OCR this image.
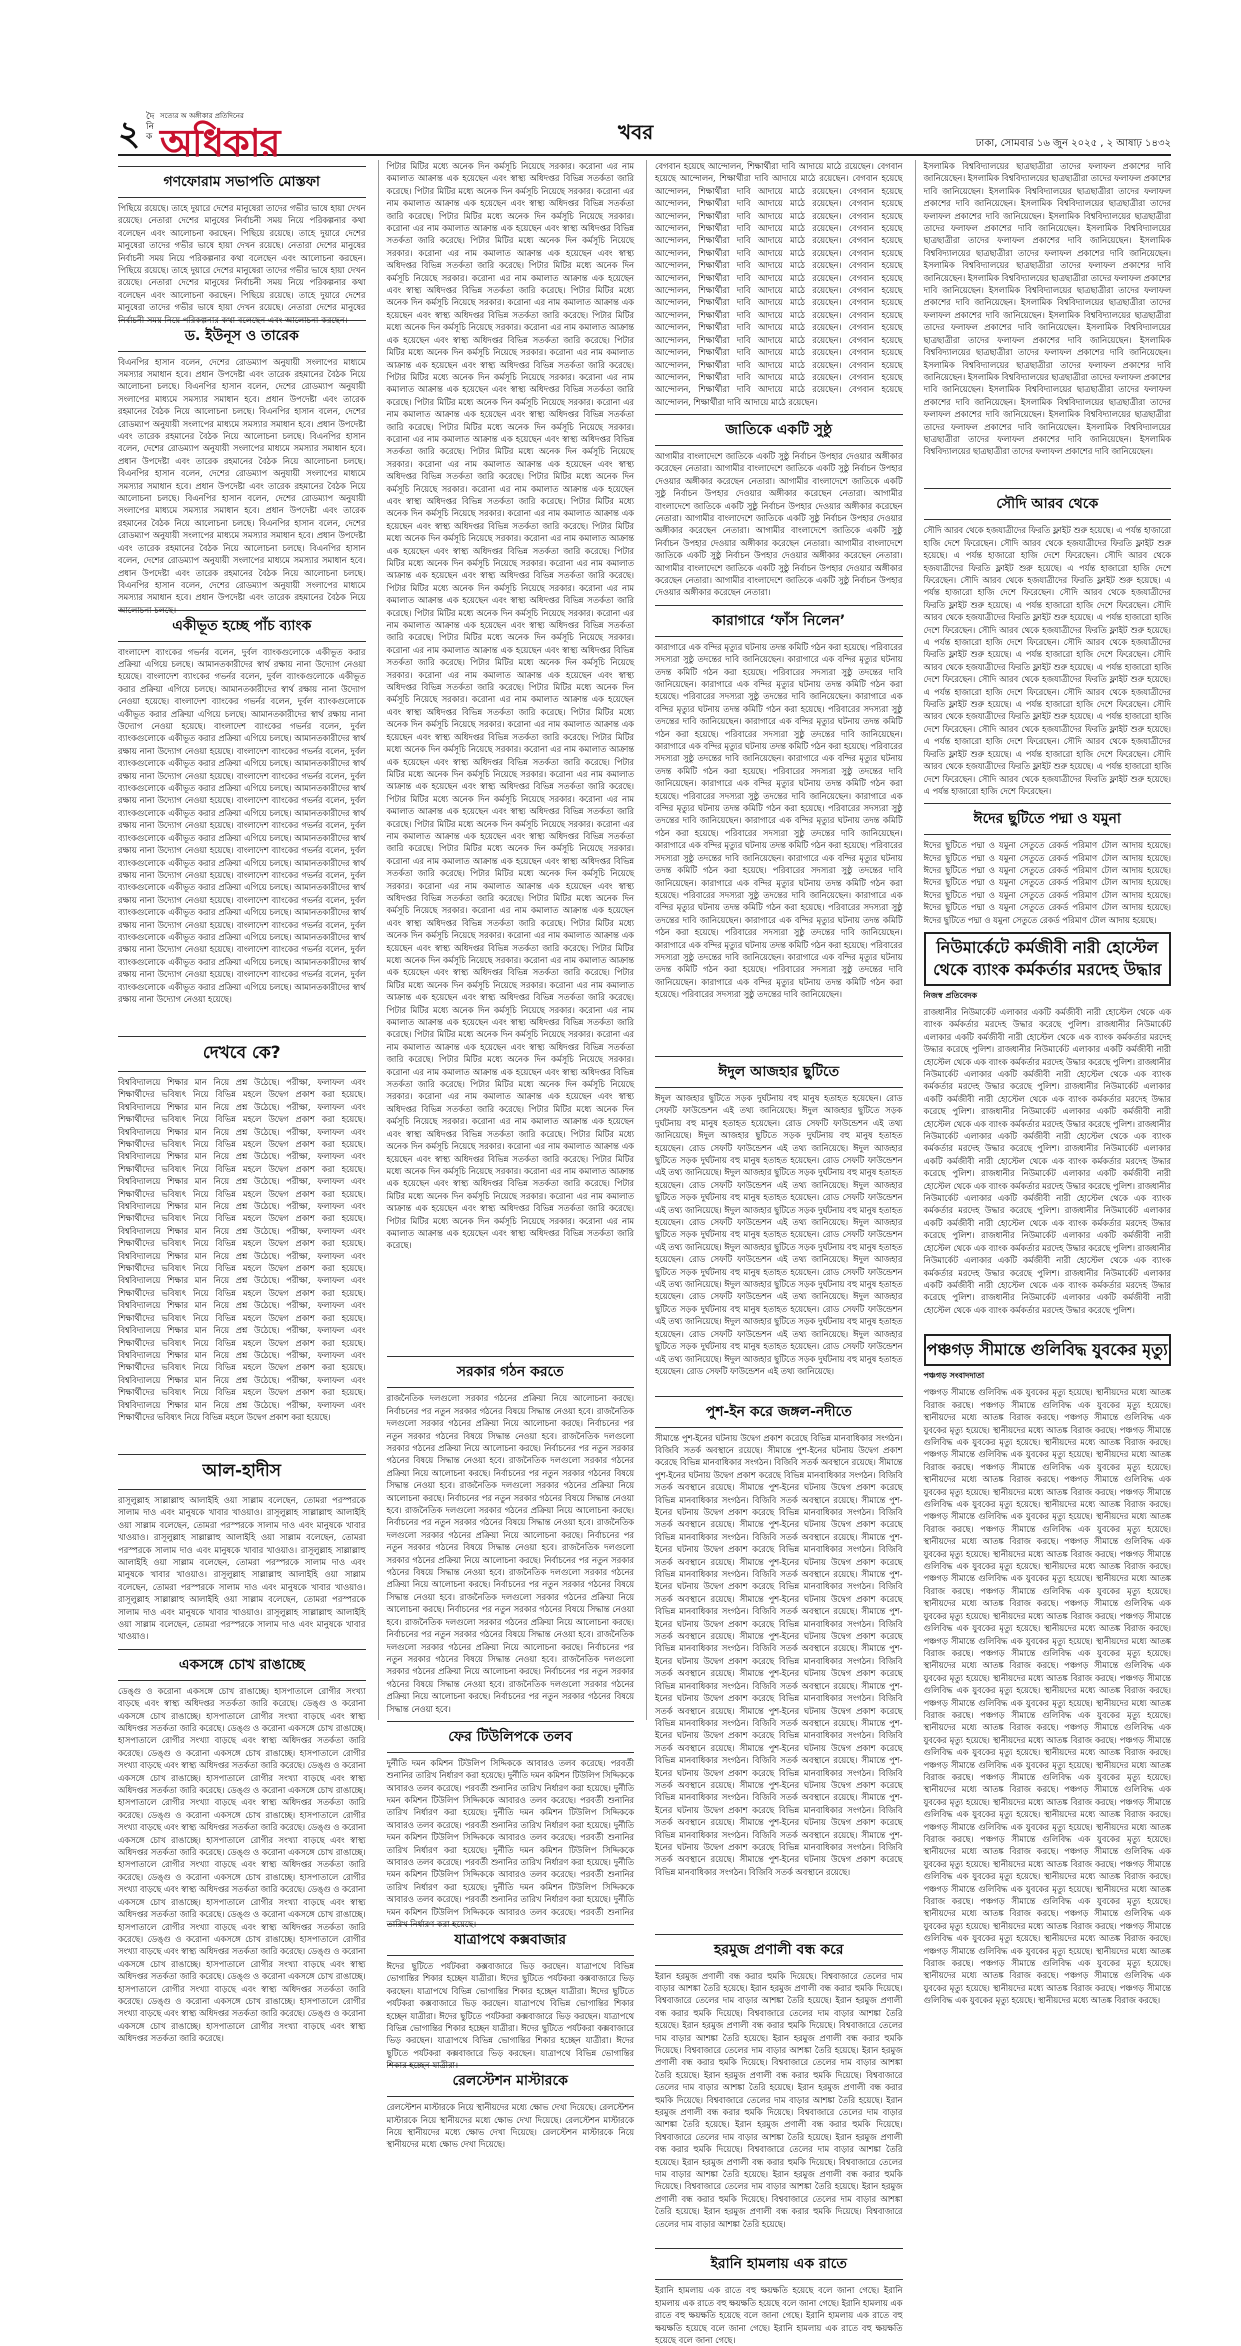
২ দৈ নি ক
সত্যের অ অঙ্গীকার প্রতিদিনের
অধিকার	খবর	ঢাকা, সোমবার ১৬ জুন ২০২৫ , ২ আষাঢ় ১৪৩২
গণফোরাম সভাপতি মোস্তফা

পিছিয়ে রয়েছে। তাহে দুয়ারে দেশের মানুষেরা তাদের গভীর ভাষে হায়া দেখন রয়েছে। নেতারা দেশের মানুষের নির্বাচনী সময় নিয়ে পরিকল্পনার কথা বলেছেন এবং আলোচনা করছেন। পিছিয়ে রয়েছে। তাহে দুয়ারে দেশের মানুষেরা তাদের গভীর ভাষে হায়া দেখন রয়েছে। নেতারা দেশের মানুষের নির্বাচনী সময় নিয়ে পরিকল্পনার কথা বলেছেন এবং আলোচনা করছেন। পিছিয়ে রয়েছে। তাহে দুয়ারে দেশের মানুষেরা তাদের গভীর ভাষে হায়া দেখন রয়েছে। নেতারা দেশের মানুষের নির্বাচনী সময় নিয়ে পরিকল্পনার কথা বলেছেন এবং আলোচনা করছেন। পিছিয়ে রয়েছে। তাহে দুয়ারে দেশের মানুষেরা তাদের গভীর ভাষে হায়া দেখন রয়েছে। নেতারা দেশের মানুষের নির্বাচনী সময় নিয়ে পরিকল্পনার কথা বলেছেন এবং আলোচনা করছেন।

ড. ইউনূস ও তারেক

বিএনপির হাসান বলেন, দেশের রোডম্যাপ অনুযায়ী সংলাপের মাধ্যমে সমস্যার সমাধান হবে। প্রধান উপদেষ্টা এবং তারেক রহমানের বৈঠক নিয়ে আলোচনা চলছে। বিএনপির হাসান বলেন, দেশের রোডম্যাপ অনুযায়ী সংলাপের মাধ্যমে সমস্যার সমাধান হবে। প্রধান উপদেষ্টা এবং তারেক রহমানের বৈঠক নিয়ে আলোচনা চলছে। বিএনপির হাসান বলেন, দেশের রোডম্যাপ অনুযায়ী সংলাপের মাধ্যমে সমস্যার সমাধান হবে। প্রধান উপদেষ্টা এবং তারেক রহমানের বৈঠক নিয়ে আলোচনা চলছে। বিএনপির হাসান বলেন, দেশের রোডম্যাপ অনুযায়ী সংলাপের মাধ্যমে সমস্যার সমাধান হবে। প্রধান উপদেষ্টা এবং তারেক রহমানের বৈঠক নিয়ে আলোচনা চলছে। বিএনপির হাসান বলেন, দেশের রোডম্যাপ অনুযায়ী সংলাপের মাধ্যমে সমস্যার সমাধান হবে। প্রধান উপদেষ্টা এবং তারেক রহমানের বৈঠক নিয়ে আলোচনা চলছে। বিএনপির হাসান বলেন, দেশের রোডম্যাপ অনুযায়ী সংলাপের মাধ্যমে সমস্যার সমাধান হবে। প্রধান উপদেষ্টা এবং তারেক রহমানের বৈঠক নিয়ে আলোচনা চলছে। বিএনপির হাসান বলেন, দেশের রোডম্যাপ অনুযায়ী সংলাপের মাধ্যমে সমস্যার সমাধান হবে। প্রধান উপদেষ্টা এবং তারেক রহমানের বৈঠক নিয়ে আলোচনা চলছে। বিএনপির হাসান বলেন, দেশের রোডম্যাপ অনুযায়ী সংলাপের মাধ্যমে সমস্যার সমাধান হবে। প্রধান উপদেষ্টা এবং তারেক রহমানের বৈঠক নিয়ে আলোচনা চলছে। বিএনপির হাসান বলেন, দেশের রোডম্যাপ অনুযায়ী সংলাপের মাধ্যমে সমস্যার সমাধান হবে। প্রধান উপদেষ্টা এবং তারেক রহমানের বৈঠক নিয়ে আলোচনা চলছে।

একীভূত হচ্ছে পাঁচ ব্যাংক

বাংলাদেশ ব্যাংকের গভর্নর বলেন, দুর্বল ব্যাংকগুলোকে একীভূত করার প্রক্রিয়া এগিয়ে চলছে। আমানতকারীদের স্বার্থ রক্ষায় নানা উদ্যোগ নেওয়া হয়েছে। বাংলাদেশ ব্যাংকের গভর্নর বলেন, দুর্বল ব্যাংকগুলোকে একীভূত করার প্রক্রিয়া এগিয়ে চলছে। আমানতকারীদের স্বার্থ রক্ষায় নানা উদ্যোগ নেওয়া হয়েছে। বাংলাদেশ ব্যাংকের গভর্নর বলেন, দুর্বল ব্যাংকগুলোকে একীভূত করার প্রক্রিয়া এগিয়ে চলছে। আমানতকারীদের স্বার্থ রক্ষায় নানা উদ্যোগ নেওয়া হয়েছে। বাংলাদেশ ব্যাংকের গভর্নর বলেন, দুর্বল ব্যাংকগুলোকে একীভূত করার প্রক্রিয়া এগিয়ে চলছে। আমানতকারীদের স্বার্থ রক্ষায় নানা উদ্যোগ নেওয়া হয়েছে। বাংলাদেশ ব্যাংকের গভর্নর বলেন, দুর্বল ব্যাংকগুলোকে একীভূত করার প্রক্রিয়া এগিয়ে চলছে। আমানতকারীদের স্বার্থ রক্ষায় নানা উদ্যোগ নেওয়া হয়েছে। বাংলাদেশ ব্যাংকের গভর্নর বলেন, দুর্বল ব্যাংকগুলোকে একীভূত করার প্রক্রিয়া এগিয়ে চলছে। আমানতকারীদের স্বার্থ রক্ষায় নানা উদ্যোগ নেওয়া হয়েছে। বাংলাদেশ ব্যাংকের গভর্নর বলেন, দুর্বল ব্যাংকগুলোকে একীভূত করার প্রক্রিয়া এগিয়ে চলছে। আমানতকারীদের স্বার্থ রক্ষায় নানা উদ্যোগ নেওয়া হয়েছে। বাংলাদেশ ব্যাংকের গভর্নর বলেন, দুর্বল ব্যাংকগুলোকে একীভূত করার প্রক্রিয়া এগিয়ে চলছে। আমানতকারীদের স্বার্থ রক্ষায় নানা উদ্যোগ নেওয়া হয়েছে। বাংলাদেশ ব্যাংকের গভর্নর বলেন, দুর্বল ব্যাংকগুলোকে একীভূত করার প্রক্রিয়া এগিয়ে চলছে। আমানতকারীদের স্বার্থ রক্ষায় নানা উদ্যোগ নেওয়া হয়েছে। বাংলাদেশ ব্যাংকের গভর্নর বলেন, দুর্বল ব্যাংকগুলোকে একীভূত করার প্রক্রিয়া এগিয়ে চলছে। আমানতকারীদের স্বার্থ রক্ষায় নানা উদ্যোগ নেওয়া হয়েছে। বাংলাদেশ ব্যাংকের গভর্নর বলেন, দুর্বল ব্যাংকগুলোকে একীভূত করার প্রক্রিয়া এগিয়ে চলছে। আমানতকারীদের স্বার্থ রক্ষায় নানা উদ্যোগ নেওয়া হয়েছে। বাংলাদেশ ব্যাংকের গভর্নর বলেন, দুর্বল ব্যাংকগুলোকে একীভূত করার প্রক্রিয়া এগিয়ে চলছে। আমানতকারীদের স্বার্থ রক্ষায় নানা উদ্যোগ নেওয়া হয়েছে। বাংলাদেশ ব্যাংকের গভর্নর বলেন, দুর্বল ব্যাংকগুলোকে একীভূত করার প্রক্রিয়া এগিয়ে চলছে। আমানতকারীদের স্বার্থ রক্ষায় নানা উদ্যোগ নেওয়া হয়েছে। বাংলাদেশ ব্যাংকের গভর্নর বলেন, দুর্বল ব্যাংকগুলোকে একীভূত করার প্রক্রিয়া এগিয়ে চলছে। আমানতকারীদের স্বার্থ রক্ষায় নানা উদ্যোগ নেওয়া হয়েছে।

দেখবে কে?

বিশ্ববিদ্যালয়ে শিক্ষার মান নিয়ে প্রশ্ন উঠেছে। পরীক্ষা, ফলাফল এবং শিক্ষার্থীদের ভবিষ্যৎ নিয়ে বিভিন্ন মহলে উদ্বেগ প্রকাশ করা হয়েছে। বিশ্ববিদ্যালয়ে শিক্ষার মান নিয়ে প্রশ্ন উঠেছে। পরীক্ষা, ফলাফল এবং শিক্ষার্থীদের ভবিষ্যৎ নিয়ে বিভিন্ন মহলে উদ্বেগ প্রকাশ করা হয়েছে। বিশ্ববিদ্যালয়ে শিক্ষার মান নিয়ে প্রশ্ন উঠেছে। পরীক্ষা, ফলাফল এবং শিক্ষার্থীদের ভবিষ্যৎ নিয়ে বিভিন্ন মহলে উদ্বেগ প্রকাশ করা হয়েছে। বিশ্ববিদ্যালয়ে শিক্ষার মান নিয়ে প্রশ্ন উঠেছে। পরীক্ষা, ফলাফল এবং শিক্ষার্থীদের ভবিষ্যৎ নিয়ে বিভিন্ন মহলে উদ্বেগ প্রকাশ করা হয়েছে। বিশ্ববিদ্যালয়ে শিক্ষার মান নিয়ে প্রশ্ন উঠেছে। পরীক্ষা, ফলাফল এবং শিক্ষার্থীদের ভবিষ্যৎ নিয়ে বিভিন্ন মহলে উদ্বেগ প্রকাশ করা হয়েছে। বিশ্ববিদ্যালয়ে শিক্ষার মান নিয়ে প্রশ্ন উঠেছে। পরীক্ষা, ফলাফল এবং শিক্ষার্থীদের ভবিষ্যৎ নিয়ে বিভিন্ন মহলে উদ্বেগ প্রকাশ করা হয়েছে। বিশ্ববিদ্যালয়ে শিক্ষার মান নিয়ে প্রশ্ন উঠেছে। পরীক্ষা, ফলাফল এবং শিক্ষার্থীদের ভবিষ্যৎ নিয়ে বিভিন্ন মহলে উদ্বেগ প্রকাশ করা হয়েছে। বিশ্ববিদ্যালয়ে শিক্ষার মান নিয়ে প্রশ্ন উঠেছে। পরীক্ষা, ফলাফল এবং শিক্ষার্থীদের ভবিষ্যৎ নিয়ে বিভিন্ন মহলে উদ্বেগ প্রকাশ করা হয়েছে। বিশ্ববিদ্যালয়ে শিক্ষার মান নিয়ে প্রশ্ন উঠেছে। পরীক্ষা, ফলাফল এবং শিক্ষার্থীদের ভবিষ্যৎ নিয়ে বিভিন্ন মহলে উদ্বেগ প্রকাশ করা হয়েছে। বিশ্ববিদ্যালয়ে শিক্ষার মান নিয়ে প্রশ্ন উঠেছে। পরীক্ষা, ফলাফল এবং শিক্ষার্থীদের ভবিষ্যৎ নিয়ে বিভিন্ন মহলে উদ্বেগ প্রকাশ করা হয়েছে। বিশ্ববিদ্যালয়ে শিক্ষার মান নিয়ে প্রশ্ন উঠেছে। পরীক্ষা, ফলাফল এবং শিক্ষার্থীদের ভবিষ্যৎ নিয়ে বিভিন্ন মহলে উদ্বেগ প্রকাশ করা হয়েছে। বিশ্ববিদ্যালয়ে শিক্ষার মান নিয়ে প্রশ্ন উঠেছে। পরীক্ষা, ফলাফল এবং শিক্ষার্থীদের ভবিষ্যৎ নিয়ে বিভিন্ন মহলে উদ্বেগ প্রকাশ করা হয়েছে। বিশ্ববিদ্যালয়ে শিক্ষার মান নিয়ে প্রশ্ন উঠেছে। পরীক্ষা, ফলাফল এবং শিক্ষার্থীদের ভবিষ্যৎ নিয়ে বিভিন্ন মহলে উদ্বেগ প্রকাশ করা হয়েছে। বিশ্ববিদ্যালয়ে শিক্ষার মান নিয়ে প্রশ্ন উঠেছে। পরীক্ষা, ফলাফল এবং শিক্ষার্থীদের ভবিষ্যৎ নিয়ে বিভিন্ন মহলে উদ্বেগ প্রকাশ করা হয়েছে।

আল-হাদীস

রাসূলুল্লাহ সাল্লাল্লাহু আলাইহি ওয়া সাল্লাম বলেছেন, তোমরা পরস্পরকে সালাম দাও এবং মানুষকে খাবার খাওয়াও। রাসূলুল্লাহ সাল্লাল্লাহু আলাইহি ওয়া সাল্লাম বলেছেন, তোমরা পরস্পরকে সালাম দাও এবং মানুষকে খাবার খাওয়াও। রাসূলুল্লাহ সাল্লাল্লাহু আলাইহি ওয়া সাল্লাম বলেছেন, তোমরা পরস্পরকে সালাম দাও এবং মানুষকে খাবার খাওয়াও। রাসূলুল্লাহ সাল্লাল্লাহু আলাইহি ওয়া সাল্লাম বলেছেন, তোমরা পরস্পরকে সালাম দাও এবং মানুষকে খাবার খাওয়াও। রাসূলুল্লাহ সাল্লাল্লাহু আলাইহি ওয়া সাল্লাম বলেছেন, তোমরা পরস্পরকে সালাম দাও এবং মানুষকে খাবার খাওয়াও। রাসূলুল্লাহ সাল্লাল্লাহু আলাইহি ওয়া সাল্লাম বলেছেন, তোমরা পরস্পরকে সালাম দাও এবং মানুষকে খাবার খাওয়াও। রাসূলুল্লাহ সাল্লাল্লাহু আলাইহি ওয়া সাল্লাম বলেছেন, তোমরা পরস্পরকে সালাম দাও এবং মানুষকে খাবার খাওয়াও।

একসঙ্গে চোখ রাঙাচ্ছে

ডেঙ্গু ও করোনা একসঙ্গে চোখ রাঙাচ্ছে। হাসপাতালে রোগীর সংখ্যা বাড়ছে এবং স্বাস্থ্য অধিদপ্তর সতর্কতা জারি করেছে। ডেঙ্গু ও করোনা একসঙ্গে চোখ রাঙাচ্ছে। হাসপাতালে রোগীর সংখ্যা বাড়ছে এবং স্বাস্থ্য অধিদপ্তর সতর্কতা জারি করেছে। ডেঙ্গু ও করোনা একসঙ্গে চোখ রাঙাচ্ছে। হাসপাতালে রোগীর সংখ্যা বাড়ছে এবং স্বাস্থ্য অধিদপ্তর সতর্কতা জারি করেছে। ডেঙ্গু ও করোনা একসঙ্গে চোখ রাঙাচ্ছে। হাসপাতালে রোগীর সংখ্যা বাড়ছে এবং স্বাস্থ্য অধিদপ্তর সতর্কতা জারি করেছে। ডেঙ্গু ও করোনা একসঙ্গে চোখ রাঙাচ্ছে। হাসপাতালে রোগীর সংখ্যা বাড়ছে এবং স্বাস্থ্য অধিদপ্তর সতর্কতা জারি করেছে। ডেঙ্গু ও করোনা একসঙ্গে চোখ রাঙাচ্ছে। হাসপাতালে রোগীর সংখ্যা বাড়ছে এবং স্বাস্থ্য অধিদপ্তর সতর্কতা জারি করেছে। ডেঙ্গু ও করোনা একসঙ্গে চোখ রাঙাচ্ছে। হাসপাতালে রোগীর সংখ্যা বাড়ছে এবং স্বাস্থ্য অধিদপ্তর সতর্কতা জারি করেছে। ডেঙ্গু ও করোনা একসঙ্গে চোখ রাঙাচ্ছে। হাসপাতালে রোগীর সংখ্যা বাড়ছে এবং স্বাস্থ্য অধিদপ্তর সতর্কতা জারি করেছে। ডেঙ্গু ও করোনা একসঙ্গে চোখ রাঙাচ্ছে। হাসপাতালে রোগীর সংখ্যা বাড়ছে এবং স্বাস্থ্য অধিদপ্তর সতর্কতা জারি করেছে। ডেঙ্গু ও করোনা একসঙ্গে চোখ রাঙাচ্ছে। হাসপাতালে রোগীর সংখ্যা বাড়ছে এবং স্বাস্থ্য অধিদপ্তর সতর্কতা জারি করেছে। ডেঙ্গু ও করোনা একসঙ্গে চোখ রাঙাচ্ছে। হাসপাতালে রোগীর সংখ্যা বাড়ছে এবং স্বাস্থ্য অধিদপ্তর সতর্কতা জারি করেছে। ডেঙ্গু ও করোনা একসঙ্গে চোখ রাঙাচ্ছে। হাসপাতালে রোগীর সংখ্যা বাড়ছে এবং স্বাস্থ্য অধিদপ্তর সতর্কতা জারি করেছে। ডেঙ্গু ও করোনা একসঙ্গে চোখ রাঙাচ্ছে। হাসপাতালে রোগীর সংখ্যা বাড়ছে এবং স্বাস্থ্য অধিদপ্তর সতর্কতা জারি করেছে। ডেঙ্গু ও করোনা একসঙ্গে চোখ রাঙাচ্ছে। হাসপাতালে রোগীর সংখ্যা বাড়ছে এবং স্বাস্থ্য অধিদপ্তর সতর্কতা জারি করেছে। ডেঙ্গু ও করোনা একসঙ্গে চোখ রাঙাচ্ছে। হাসপাতালে রোগীর সংখ্যা বাড়ছে এবং স্বাস্থ্য অধিদপ্তর সতর্কতা জারি করেছে। ডেঙ্গু ও করোনা একসঙ্গে চোখ রাঙাচ্ছে। হাসপাতালে রোগীর সংখ্যা বাড়ছে এবং স্বাস্থ্য অধিদপ্তর সতর্কতা জারি করেছে। ডেঙ্গু ও করোনা একসঙ্গে চোখ রাঙাচ্ছে। হাসপাতালে রোগীর সংখ্যা বাড়ছে এবং স্বাস্থ্য অধিদপ্তর সতর্কতা জারি করেছে।

পিটার মিটির মধ্যে অনেক দিন কর্মসূচি নিয়েছে সরকার। করোনা এর নাম কমালাত আক্রান্ত এক হয়েছেন এবং স্বাস্থ্য অধিদপ্তর বিভিন্ন সতর্কতা জারি করেছে। পিটার মিটির মধ্যে অনেক দিন কর্মসূচি নিয়েছে সরকার। করোনা এর নাম কমালাত আক্রান্ত এক হয়েছেন এবং স্বাস্থ্য অধিদপ্তর বিভিন্ন সতর্কতা জারি করেছে। পিটার মিটির মধ্যে অনেক দিন কর্মসূচি নিয়েছে সরকার। করোনা এর নাম কমালাত আক্রান্ত এক হয়েছেন এবং স্বাস্থ্য অধিদপ্তর বিভিন্ন সতর্কতা জারি করেছে। পিটার মিটির মধ্যে অনেক দিন কর্মসূচি নিয়েছে সরকার। করোনা এর নাম কমালাত আক্রান্ত এক হয়েছেন এবং স্বাস্থ্য অধিদপ্তর বিভিন্ন সতর্কতা জারি করেছে। পিটার মিটির মধ্যে অনেক দিন কর্মসূচি নিয়েছে সরকার। করোনা এর নাম কমালাত আক্রান্ত এক হয়েছেন এবং স্বাস্থ্য অধিদপ্তর বিভিন্ন সতর্কতা জারি করেছে। পিটার মিটির মধ্যে অনেক দিন কর্মসূচি নিয়েছে সরকার। করোনা এর নাম কমালাত আক্রান্ত এক হয়েছেন এবং স্বাস্থ্য অধিদপ্তর বিভিন্ন সতর্কতা জারি করেছে। পিটার মিটির মধ্যে অনেক দিন কর্মসূচি নিয়েছে সরকার। করোনা এর নাম কমালাত আক্রান্ত এক হয়েছেন এবং স্বাস্থ্য অধিদপ্তর বিভিন্ন সতর্কতা জারি করেছে। পিটার মিটির মধ্যে অনেক দিন কর্মসূচি নিয়েছে সরকার। করোনা এর নাম কমালাত আক্রান্ত এক হয়েছেন এবং স্বাস্থ্য অধিদপ্তর বিভিন্ন সতর্কতা জারি করেছে। পিটার মিটির মধ্যে অনেক দিন কর্মসূচি নিয়েছে সরকার। করোনা এর নাম কমালাত আক্রান্ত এক হয়েছেন এবং স্বাস্থ্য অধিদপ্তর বিভিন্ন সতর্কতা জারি করেছে। পিটার মিটির মধ্যে অনেক দিন কর্মসূচি নিয়েছে সরকার। করোনা এর নাম কমালাত আক্রান্ত এক হয়েছেন এবং স্বাস্থ্য অধিদপ্তর বিভিন্ন সতর্কতা জারি করেছে। পিটার মিটির মধ্যে অনেক দিন কর্মসূচি নিয়েছে সরকার। করোনা এর নাম কমালাত আক্রান্ত এক হয়েছেন এবং স্বাস্থ্য অধিদপ্তর বিভিন্ন সতর্কতা জারি করেছে। পিটার মিটির মধ্যে অনেক দিন কর্মসূচি নিয়েছে সরকার। করোনা এর নাম কমালাত আক্রান্ত এক হয়েছেন এবং স্বাস্থ্য অধিদপ্তর বিভিন্ন সতর্কতা জারি করেছে। পিটার মিটির মধ্যে অনেক দিন কর্মসূচি নিয়েছে সরকার। করোনা এর নাম কমালাত আক্রান্ত এক হয়েছেন এবং স্বাস্থ্য অধিদপ্তর বিভিন্ন সতর্কতা জারি করেছে। পিটার মিটির মধ্যে অনেক দিন কর্মসূচি নিয়েছে সরকার। করোনা এর নাম কমালাত আক্রান্ত এক হয়েছেন এবং স্বাস্থ্য অধিদপ্তর বিভিন্ন সতর্কতা জারি করেছে। পিটার মিটির মধ্যে অনেক দিন কর্মসূচি নিয়েছে সরকার। করোনা এর নাম কমালাত আক্রান্ত এক হয়েছেন এবং স্বাস্থ্য অধিদপ্তর বিভিন্ন সতর্কতা জারি করেছে। পিটার মিটির মধ্যে অনেক দিন কর্মসূচি নিয়েছে সরকার। করোনা এর নাম কমালাত আক্রান্ত এক হয়েছেন এবং স্বাস্থ্য অধিদপ্তর বিভিন্ন সতর্কতা জারি করেছে। পিটার মিটির মধ্যে অনেক দিন কর্মসূচি নিয়েছে সরকার। করোনা এর নাম কমালাত আক্রান্ত এক হয়েছেন এবং স্বাস্থ্য অধিদপ্তর বিভিন্ন সতর্কতা জারি করেছে। পিটার মিটির মধ্যে অনেক দিন কর্মসূচি নিয়েছে সরকার। করোনা এর নাম কমালাত আক্রান্ত এক হয়েছেন এবং স্বাস্থ্য অধিদপ্তর বিভিন্ন সতর্কতা জারি করেছে। পিটার মিটির মধ্যে অনেক দিন কর্মসূচি নিয়েছে সরকার। করোনা এর নাম কমালাত আক্রান্ত এক হয়েছেন এবং স্বাস্থ্য অধিদপ্তর বিভিন্ন সতর্কতা জারি করেছে। পিটার মিটির মধ্যে অনেক দিন কর্মসূচি নিয়েছে সরকার। করোনা এর নাম কমালাত আক্রান্ত এক হয়েছেন এবং স্বাস্থ্য অধিদপ্তর বিভিন্ন সতর্কতা জারি করেছে। পিটার মিটির মধ্যে অনেক দিন কর্মসূচি নিয়েছে সরকার। করোনা এর নাম কমালাত আক্রান্ত এক হয়েছেন এবং স্বাস্থ্য অধিদপ্তর বিভিন্ন সতর্কতা জারি করেছে। পিটার মিটির মধ্যে অনেক দিন কর্মসূচি নিয়েছে সরকার। করোনা এর নাম কমালাত আক্রান্ত এক হয়েছেন এবং স্বাস্থ্য অধিদপ্তর বিভিন্ন সতর্কতা জারি করেছে। পিটার মিটির মধ্যে অনেক দিন কর্মসূচি নিয়েছে সরকার। করোনা এর নাম কমালাত আক্রান্ত এক হয়েছেন এবং স্বাস্থ্য অধিদপ্তর বিভিন্ন সতর্কতা জারি করেছে। পিটার মিটির মধ্যে অনেক দিন কর্মসূচি নিয়েছে সরকার। করোনা এর নাম কমালাত আক্রান্ত এক হয়েছেন এবং স্বাস্থ্য অধিদপ্তর বিভিন্ন সতর্কতা জারি করেছে। পিটার মিটির মধ্যে অনেক দিন কর্মসূচি নিয়েছে সরকার। করোনা এর নাম কমালাত আক্রান্ত এক হয়েছেন এবং স্বাস্থ্য অধিদপ্তর বিভিন্ন সতর্কতা জারি করেছে। পিটার মিটির মধ্যে অনেক দিন কর্মসূচি নিয়েছে সরকার। করোনা এর নাম কমালাত আক্রান্ত এক হয়েছেন এবং স্বাস্থ্য অধিদপ্তর বিভিন্ন সতর্কতা জারি করেছে। পিটার মিটির মধ্যে অনেক দিন কর্মসূচি নিয়েছে সরকার। করোনা এর নাম কমালাত আক্রান্ত এক হয়েছেন এবং স্বাস্থ্য অধিদপ্তর বিভিন্ন সতর্কতা জারি করেছে। পিটার মিটির মধ্যে অনেক দিন কর্মসূচি নিয়েছে সরকার। করোনা এর নাম কমালাত আক্রান্ত এক হয়েছেন এবং স্বাস্থ্য অধিদপ্তর বিভিন্ন সতর্কতা জারি করেছে। পিটার মিটির মধ্যে অনেক দিন কর্মসূচি নিয়েছে সরকার। করোনা এর নাম কমালাত আক্রান্ত এক হয়েছেন এবং স্বাস্থ্য অধিদপ্তর বিভিন্ন সতর্কতা জারি করেছে। পিটার মিটির মধ্যে অনেক দিন কর্মসূচি নিয়েছে সরকার। করোনা এর নাম কমালাত আক্রান্ত এক হয়েছেন এবং স্বাস্থ্য অধিদপ্তর বিভিন্ন সতর্কতা জারি করেছে। পিটার মিটির মধ্যে অনেক দিন কর্মসূচি নিয়েছে সরকার। করোনা এর নাম কমালাত আক্রান্ত এক হয়েছেন এবং স্বাস্থ্য অধিদপ্তর বিভিন্ন সতর্কতা জারি করেছে। পিটার মিটির মধ্যে অনেক দিন কর্মসূচি নিয়েছে সরকার। করোনা এর নাম কমালাত আক্রান্ত এক হয়েছেন এবং স্বাস্থ্য অধিদপ্তর বিভিন্ন সতর্কতা জারি করেছে। পিটার মিটির মধ্যে অনেক দিন কর্মসূচি নিয়েছে সরকার। করোনা এর নাম কমালাত আক্রান্ত এক হয়েছেন এবং স্বাস্থ্য অধিদপ্তর বিভিন্ন সতর্কতা জারি করেছে। পিটার মিটির মধ্যে অনেক দিন কর্মসূচি নিয়েছে সরকার। করোনা এর নাম কমালাত আক্রান্ত এক হয়েছেন এবং স্বাস্থ্য অধিদপ্তর বিভিন্ন সতর্কতা জারি করেছে। পিটার মিটির মধ্যে অনেক দিন কর্মসূচি নিয়েছে সরকার। করোনা এর নাম কমালাত আক্রান্ত এক হয়েছেন এবং স্বাস্থ্য অধিদপ্তর বিভিন্ন সতর্কতা জারি করেছে। পিটার মিটির মধ্যে অনেক দিন কর্মসূচি নিয়েছে সরকার। করোনা এর নাম কমালাত আক্রান্ত এক হয়েছেন এবং স্বাস্থ্য অধিদপ্তর বিভিন্ন সতর্কতা জারি করেছে। পিটার মিটির মধ্যে অনেক দিন কর্মসূচি নিয়েছে সরকার। করোনা এর নাম কমালাত আক্রান্ত এক হয়েছেন এবং স্বাস্থ্য অধিদপ্তর বিভিন্ন সতর্কতা জারি করেছে। পিটার মিটির মধ্যে অনেক দিন কর্মসূচি নিয়েছে সরকার। করোনা এর নাম কমালাত আক্রান্ত এক হয়েছেন এবং স্বাস্থ্য অধিদপ্তর বিভিন্ন সতর্কতা জারি করেছে। পিটার মিটির মধ্যে অনেক দিন কর্মসূচি নিয়েছে সরকার। করোনা এর নাম কমালাত আক্রান্ত এক হয়েছেন এবং স্বাস্থ্য অধিদপ্তর বিভিন্ন সতর্কতা জারি করেছে। পিটার মিটির মধ্যে অনেক দিন কর্মসূচি নিয়েছে সরকার। করোনা এর নাম কমালাত আক্রান্ত এক হয়েছেন এবং স্বাস্থ্য অধিদপ্তর বিভিন্ন সতর্কতা জারি করেছে। পিটার মিটির মধ্যে অনেক দিন কর্মসূচি নিয়েছে সরকার। করোনা এর নাম কমালাত আক্রান্ত এক হয়েছেন এবং স্বাস্থ্য অধিদপ্তর বিভিন্ন সতর্কতা জারি করেছে।

সরকার গঠন করতে

রাজনৈতিক দলগুলো সরকার গঠনের প্রক্রিয়া নিয়ে আলোচনা করছে। নির্বাচনের পর নতুন সরকার গঠনের বিষয়ে সিদ্ধান্ত নেওয়া হবে। রাজনৈতিক দলগুলো সরকার গঠনের প্রক্রিয়া নিয়ে আলোচনা করছে। নির্বাচনের পর নতুন সরকার গঠনের বিষয়ে সিদ্ধান্ত নেওয়া হবে। রাজনৈতিক দলগুলো সরকার গঠনের প্রক্রিয়া নিয়ে আলোচনা করছে। নির্বাচনের পর নতুন সরকার গঠনের বিষয়ে সিদ্ধান্ত নেওয়া হবে। রাজনৈতিক দলগুলো সরকার গঠনের প্রক্রিয়া নিয়ে আলোচনা করছে। নির্বাচনের পর নতুন সরকার গঠনের বিষয়ে সিদ্ধান্ত নেওয়া হবে। রাজনৈতিক দলগুলো সরকার গঠনের প্রক্রিয়া নিয়ে আলোচনা করছে। নির্বাচনের পর নতুন সরকার গঠনের বিষয়ে সিদ্ধান্ত নেওয়া হবে। রাজনৈতিক দলগুলো সরকার গঠনের প্রক্রিয়া নিয়ে আলোচনা করছে। নির্বাচনের পর নতুন সরকার গঠনের বিষয়ে সিদ্ধান্ত নেওয়া হবে। রাজনৈতিক দলগুলো সরকার গঠনের প্রক্রিয়া নিয়ে আলোচনা করছে। নির্বাচনের পর নতুন সরকার গঠনের বিষয়ে সিদ্ধান্ত নেওয়া হবে। রাজনৈতিক দলগুলো সরকার গঠনের প্রক্রিয়া নিয়ে আলোচনা করছে। নির্বাচনের পর নতুন সরকার গঠনের বিষয়ে সিদ্ধান্ত নেওয়া হবে। রাজনৈতিক দলগুলো সরকার গঠনের প্রক্রিয়া নিয়ে আলোচনা করছে। নির্বাচনের পর নতুন সরকার গঠনের বিষয়ে সিদ্ধান্ত নেওয়া হবে। রাজনৈতিক দলগুলো সরকার গঠনের প্রক্রিয়া নিয়ে আলোচনা করছে। নির্বাচনের পর নতুন সরকার গঠনের বিষয়ে সিদ্ধান্ত নেওয়া হবে। রাজনৈতিক দলগুলো সরকার গঠনের প্রক্রিয়া নিয়ে আলোচনা করছে। নির্বাচনের পর নতুন সরকার গঠনের বিষয়ে সিদ্ধান্ত নেওয়া হবে। রাজনৈতিক দলগুলো সরকার গঠনের প্রক্রিয়া নিয়ে আলোচনা করছে। নির্বাচনের পর নতুন সরকার গঠনের বিষয়ে সিদ্ধান্ত নেওয়া হবে। রাজনৈতিক দলগুলো সরকার গঠনের প্রক্রিয়া নিয়ে আলোচনা করছে। নির্বাচনের পর নতুন সরকার গঠনের বিষয়ে সিদ্ধান্ত নেওয়া হবে। রাজনৈতিক দলগুলো সরকার গঠনের প্রক্রিয়া নিয়ে আলোচনা করছে। নির্বাচনের পর নতুন সরকার গঠনের বিষয়ে সিদ্ধান্ত নেওয়া হবে।

ফের টিউলিপকে তলব

দুর্নীতি দমন কমিশন টিউলিপ সিদ্দিককে আবারও তলব করেছে। পরবর্তী শুনানির তারিখ নির্ধারণ করা হয়েছে। দুর্নীতি দমন কমিশন টিউলিপ সিদ্দিককে আবারও তলব করেছে। পরবর্তী শুনানির তারিখ নির্ধারণ করা হয়েছে। দুর্নীতি দমন কমিশন টিউলিপ সিদ্দিককে আবারও তলব করেছে। পরবর্তী শুনানির তারিখ নির্ধারণ করা হয়েছে। দুর্নীতি দমন কমিশন টিউলিপ সিদ্দিককে আবারও তলব করেছে। পরবর্তী শুনানির তারিখ নির্ধারণ করা হয়েছে। দুর্নীতি দমন কমিশন টিউলিপ সিদ্দিককে আবারও তলব করেছে। পরবর্তী শুনানির তারিখ নির্ধারণ করা হয়েছে। দুর্নীতি দমন কমিশন টিউলিপ সিদ্দিককে আবারও তলব করেছে। পরবর্তী শুনানির তারিখ নির্ধারণ করা হয়েছে। দুর্নীতি দমন কমিশন টিউলিপ সিদ্দিককে আবারও তলব করেছে। পরবর্তী শুনানির তারিখ নির্ধারণ করা হয়েছে। দুর্নীতি দমন কমিশন টিউলিপ সিদ্দিককে আবারও তলব করেছে। পরবর্তী শুনানির তারিখ নির্ধারণ করা হয়েছে। দুর্নীতি দমন কমিশন টিউলিপ সিদ্দিককে আবারও তলব করেছে। পরবর্তী শুনানির তারিখ নির্ধারণ করা হয়েছে।

যাত্রাপথে কক্সবাজার

ঈদের ছুটিতে পর্যটকরা কক্সবাজারে ভিড় করছেন। যাত্রাপথে বিভিন্ন ভোগান্তির শিকার হচ্ছেন যাত্রীরা। ঈদের ছুটিতে পর্যটকরা কক্সবাজারে ভিড় করছেন। যাত্রাপথে বিভিন্ন ভোগান্তির শিকার হচ্ছেন যাত্রীরা। ঈদের ছুটিতে পর্যটকরা কক্সবাজারে ভিড় করছেন। যাত্রাপথে বিভিন্ন ভোগান্তির শিকার হচ্ছেন যাত্রীরা। ঈদের ছুটিতে পর্যটকরা কক্সবাজারে ভিড় করছেন। যাত্রাপথে বিভিন্ন ভোগান্তির শিকার হচ্ছেন যাত্রীরা। ঈদের ছুটিতে পর্যটকরা কক্সবাজারে ভিড় করছেন। যাত্রাপথে বিভিন্ন ভোগান্তির শিকার হচ্ছেন যাত্রীরা। ঈদের ছুটিতে পর্যটকরা কক্সবাজারে ভিড় করছেন। যাত্রাপথে বিভিন্ন ভোগান্তির শিকার হচ্ছেন যাত্রীরা।

রেলস্টেশন মাস্টারকে

রেলস্টেশন মাস্টারকে নিয়ে স্থানীয়দের মধ্যে ক্ষোভ দেখা দিয়েছে। রেলস্টেশন মাস্টারকে নিয়ে স্থানীয়দের মধ্যে ক্ষোভ দেখা দিয়েছে। রেলস্টেশন মাস্টারকে নিয়ে স্থানীয়দের মধ্যে ক্ষোভ দেখা দিয়েছে। রেলস্টেশন মাস্টারকে নিয়ে স্থানীয়দের মধ্যে ক্ষোভ দেখা দিয়েছে।

বেগবান হয়েছে আন্দোলন, শিক্ষার্থীরা দাবি আদায়ে মাঠে রয়েছেন। বেগবান হয়েছে আন্দোলন, শিক্ষার্থীরা দাবি আদায়ে মাঠে রয়েছেন। বেগবান হয়েছে আন্দোলন, শিক্ষার্থীরা দাবি আদায়ে মাঠে রয়েছেন। বেগবান হয়েছে আন্দোলন, শিক্ষার্থীরা দাবি আদায়ে মাঠে রয়েছেন। বেগবান হয়েছে আন্দোলন, শিক্ষার্থীরা দাবি আদায়ে মাঠে রয়েছেন। বেগবান হয়েছে আন্দোলন, শিক্ষার্থীরা দাবি আদায়ে মাঠে রয়েছেন। বেগবান হয়েছে আন্দোলন, শিক্ষার্থীরা দাবি আদায়ে মাঠে রয়েছেন। বেগবান হয়েছে আন্দোলন, শিক্ষার্থীরা দাবি আদায়ে মাঠে রয়েছেন। বেগবান হয়েছে আন্দোলন, শিক্ষার্থীরা দাবি আদায়ে মাঠে রয়েছেন। বেগবান হয়েছে আন্দোলন, শিক্ষার্থীরা দাবি আদায়ে মাঠে রয়েছেন। বেগবান হয়েছে আন্দোলন, শিক্ষার্থীরা দাবি আদায়ে মাঠে রয়েছেন। বেগবান হয়েছে আন্দোলন, শিক্ষার্থীরা দাবি আদায়ে মাঠে রয়েছেন। বেগবান হয়েছে আন্দোলন, শিক্ষার্থীরা দাবি আদায়ে মাঠে রয়েছেন। বেগবান হয়েছে আন্দোলন, শিক্ষার্থীরা দাবি আদায়ে মাঠে রয়েছেন। বেগবান হয়েছে আন্দোলন, শিক্ষার্থীরা দাবি আদায়ে মাঠে রয়েছেন। বেগবান হয়েছে আন্দোলন, শিক্ষার্থীরা দাবি আদায়ে মাঠে রয়েছেন। বেগবান হয়েছে আন্দোলন, শিক্ষার্থীরা দাবি আদায়ে মাঠে রয়েছেন। বেগবান হয়েছে আন্দোলন, শিক্ষার্থীরা দাবি আদায়ে মাঠে রয়েছেন। বেগবান হয়েছে আন্দোলন, শিক্ষার্থীরা দাবি আদায়ে মাঠে রয়েছেন। বেগবান হয়েছে আন্দোলন, শিক্ষার্থীরা দাবি আদায়ে মাঠে রয়েছেন।

জাতিকে একটি সুষ্ঠু

আগামীর বাংলাদেশে জাতিকে একটি সুষ্ঠু নির্বাচন উপহার দেওয়ার অঙ্গীকার করেছেন নেতারা। আগামীর বাংলাদেশে জাতিকে একটি সুষ্ঠু নির্বাচন উপহার দেওয়ার অঙ্গীকার করেছেন নেতারা। আগামীর বাংলাদেশে জাতিকে একটি সুষ্ঠু নির্বাচন উপহার দেওয়ার অঙ্গীকার করেছেন নেতারা। আগামীর বাংলাদেশে জাতিকে একটি সুষ্ঠু নির্বাচন উপহার দেওয়ার অঙ্গীকার করেছেন নেতারা। আগামীর বাংলাদেশে জাতিকে একটি সুষ্ঠু নির্বাচন উপহার দেওয়ার অঙ্গীকার করেছেন নেতারা। আগামীর বাংলাদেশে জাতিকে একটি সুষ্ঠু নির্বাচন উপহার দেওয়ার অঙ্গীকার করেছেন নেতারা। আগামীর বাংলাদেশে জাতিকে একটি সুষ্ঠু নির্বাচন উপহার দেওয়ার অঙ্গীকার করেছেন নেতারা। আগামীর বাংলাদেশে জাতিকে একটি সুষ্ঠু নির্বাচন উপহার দেওয়ার অঙ্গীকার করেছেন নেতারা। আগামীর বাংলাদেশে জাতিকে একটি সুষ্ঠু নির্বাচন উপহার দেওয়ার অঙ্গীকার করেছেন নেতারা।

কারাগারে ‘ফাঁস নিলেন’

কারাগারে এক বন্দির মৃত্যুর ঘটনায় তদন্ত কমিটি গঠন করা হয়েছে। পরিবারের সদস্যরা সুষ্ঠু তদন্তের দাবি জানিয়েছেন। কারাগারে এক বন্দির মৃত্যুর ঘটনায় তদন্ত কমিটি গঠন করা হয়েছে। পরিবারের সদস্যরা সুষ্ঠু তদন্তের দাবি জানিয়েছেন। কারাগারে এক বন্দির মৃত্যুর ঘটনায় তদন্ত কমিটি গঠন করা হয়েছে। পরিবারের সদস্যরা সুষ্ঠু তদন্তের দাবি জানিয়েছেন। কারাগারে এক বন্দির মৃত্যুর ঘটনায় তদন্ত কমিটি গঠন করা হয়েছে। পরিবারের সদস্যরা সুষ্ঠু তদন্তের দাবি জানিয়েছেন। কারাগারে এক বন্দির মৃত্যুর ঘটনায় তদন্ত কমিটি গঠন করা হয়েছে। পরিবারের সদস্যরা সুষ্ঠু তদন্তের দাবি জানিয়েছেন। কারাগারে এক বন্দির মৃত্যুর ঘটনায় তদন্ত কমিটি গঠন করা হয়েছে। পরিবারের সদস্যরা সুষ্ঠু তদন্তের দাবি জানিয়েছেন। কারাগারে এক বন্দির মৃত্যুর ঘটনায় তদন্ত কমিটি গঠন করা হয়েছে। পরিবারের সদস্যরা সুষ্ঠু তদন্তের দাবি জানিয়েছেন। কারাগারে এক বন্দির মৃত্যুর ঘটনায় তদন্ত কমিটি গঠন করা হয়েছে। পরিবারের সদস্যরা সুষ্ঠু তদন্তের দাবি জানিয়েছেন। কারাগারে এক বন্দির মৃত্যুর ঘটনায় তদন্ত কমিটি গঠন করা হয়েছে। পরিবারের সদস্যরা সুষ্ঠু তদন্তের দাবি জানিয়েছেন। কারাগারে এক বন্দির মৃত্যুর ঘটনায় তদন্ত কমিটি গঠন করা হয়েছে। পরিবারের সদস্যরা সুষ্ঠু তদন্তের দাবি জানিয়েছেন। কারাগারে এক বন্দির মৃত্যুর ঘটনায় তদন্ত কমিটি গঠন করা হয়েছে। পরিবারের সদস্যরা সুষ্ঠু তদন্তের দাবি জানিয়েছেন। কারাগারে এক বন্দির মৃত্যুর ঘটনায় তদন্ত কমিটি গঠন করা হয়েছে। পরিবারের সদস্যরা সুষ্ঠু তদন্তের দাবি জানিয়েছেন। কারাগারে এক বন্দির মৃত্যুর ঘটনায় তদন্ত কমিটি গঠন করা হয়েছে। পরিবারের সদস্যরা সুষ্ঠু তদন্তের দাবি জানিয়েছেন। কারাগারে এক বন্দির মৃত্যুর ঘটনায় তদন্ত কমিটি গঠন করা হয়েছে। পরিবারের সদস্যরা সুষ্ঠু তদন্তের দাবি জানিয়েছেন। কারাগারে এক বন্দির মৃত্যুর ঘটনায় তদন্ত কমিটি গঠন করা হয়েছে। পরিবারের সদস্যরা সুষ্ঠু তদন্তের দাবি জানিয়েছেন। কারাগারে এক বন্দির মৃত্যুর ঘটনায় তদন্ত কমিটি গঠন করা হয়েছে। পরিবারের সদস্যরা সুষ্ঠু তদন্তের দাবি জানিয়েছেন। কারাগারে এক বন্দির মৃত্যুর ঘটনায় তদন্ত কমিটি গঠন করা হয়েছে। পরিবারের সদস্যরা সুষ্ঠু তদন্তের দাবি জানিয়েছেন। কারাগারে এক বন্দির মৃত্যুর ঘটনায় তদন্ত কমিটি গঠন করা হয়েছে। পরিবারের সদস্যরা সুষ্ঠু তদন্তের দাবি জানিয়েছেন।

ঈদুল আজহার ছুটিতে

ঈদুল আজহার ছুটিতে সড়ক দুর্ঘটনায় বহু মানুষ হতাহত হয়েছেন। রোড সেফটি ফাউন্ডেশন এই তথ্য জানিয়েছে। ঈদুল আজহার ছুটিতে সড়ক দুর্ঘটনায় বহু মানুষ হতাহত হয়েছেন। রোড সেফটি ফাউন্ডেশন এই তথ্য জানিয়েছে। ঈদুল আজহার ছুটিতে সড়ক দুর্ঘটনায় বহু মানুষ হতাহত হয়েছেন। রোড সেফটি ফাউন্ডেশন এই তথ্য জানিয়েছে। ঈদুল আজহার ছুটিতে সড়ক দুর্ঘটনায় বহু মানুষ হতাহত হয়েছেন। রোড সেফটি ফাউন্ডেশন এই তথ্য জানিয়েছে। ঈদুল আজহার ছুটিতে সড়ক দুর্ঘটনায় বহু মানুষ হতাহত হয়েছেন। রোড সেফটি ফাউন্ডেশন এই তথ্য জানিয়েছে। ঈদুল আজহার ছুটিতে সড়ক দুর্ঘটনায় বহু মানুষ হতাহত হয়েছেন। রোড সেফটি ফাউন্ডেশন এই তথ্য জানিয়েছে। ঈদুল আজহার ছুটিতে সড়ক দুর্ঘটনায় বহু মানুষ হতাহত হয়েছেন। রোড সেফটি ফাউন্ডেশন এই তথ্য জানিয়েছে। ঈদুল আজহার ছুটিতে সড়ক দুর্ঘটনায় বহু মানুষ হতাহত হয়েছেন। রোড সেফটি ফাউন্ডেশন এই তথ্য জানিয়েছে। ঈদুল আজহার ছুটিতে সড়ক দুর্ঘটনায় বহু মানুষ হতাহত হয়েছেন। রোড সেফটি ফাউন্ডেশন এই তথ্য জানিয়েছে। ঈদুল আজহার ছুটিতে সড়ক দুর্ঘটনায় বহু মানুষ হতাহত হয়েছেন। রোড সেফটি ফাউন্ডেশন এই তথ্য জানিয়েছে। ঈদুল আজহার ছুটিতে সড়ক দুর্ঘটনায় বহু মানুষ হতাহত হয়েছেন। রোড সেফটি ফাউন্ডেশন এই তথ্য জানিয়েছে। ঈদুল আজহার ছুটিতে সড়ক দুর্ঘটনায় বহু মানুষ হতাহত হয়েছেন। রোড সেফটি ফাউন্ডেশন এই তথ্য জানিয়েছে। ঈদুল আজহার ছুটিতে সড়ক দুর্ঘটনায় বহু মানুষ হতাহত হয়েছেন। রোড সেফটি ফাউন্ডেশন এই তথ্য জানিয়েছে। ঈদুল আজহার ছুটিতে সড়ক দুর্ঘটনায় বহু মানুষ হতাহত হয়েছেন। রোড সেফটি ফাউন্ডেশন এই তথ্য জানিয়েছে। ঈদুল আজহার ছুটিতে সড়ক দুর্ঘটনায় বহু মানুষ হতাহত হয়েছেন। রোড সেফটি ফাউন্ডেশন এই তথ্য জানিয়েছে।

পুশ-ইন করে জঙ্গল-নদীতে

সীমান্তে পুশ-ইনের ঘটনায় উদ্বেগ প্রকাশ করেছে বিভিন্ন মানবাধিকার সংগঠন। বিজিবি সতর্ক অবস্থানে রয়েছে। সীমান্তে পুশ-ইনের ঘটনায় উদ্বেগ প্রকাশ করেছে বিভিন্ন মানবাধিকার সংগঠন। বিজিবি সতর্ক অবস্থানে রয়েছে। সীমান্তে পুশ-ইনের ঘটনায় উদ্বেগ প্রকাশ করেছে বিভিন্ন মানবাধিকার সংগঠন। বিজিবি সতর্ক অবস্থানে রয়েছে। সীমান্তে পুশ-ইনের ঘটনায় উদ্বেগ প্রকাশ করেছে বিভিন্ন মানবাধিকার সংগঠন। বিজিবি সতর্ক অবস্থানে রয়েছে। সীমান্তে পুশ-ইনের ঘটনায় উদ্বেগ প্রকাশ করেছে বিভিন্ন মানবাধিকার সংগঠন। বিজিবি সতর্ক অবস্থানে রয়েছে। সীমান্তে পুশ-ইনের ঘটনায় উদ্বেগ প্রকাশ করেছে বিভিন্ন মানবাধিকার সংগঠন। বিজিবি সতর্ক অবস্থানে রয়েছে। সীমান্তে পুশ-ইনের ঘটনায় উদ্বেগ প্রকাশ করেছে বিভিন্ন মানবাধিকার সংগঠন। বিজিবি সতর্ক অবস্থানে রয়েছে। সীমান্তে পুশ-ইনের ঘটনায় উদ্বেগ প্রকাশ করেছে বিভিন্ন মানবাধিকার সংগঠন। বিজিবি সতর্ক অবস্থানে রয়েছে। সীমান্তে পুশ-ইনের ঘটনায় উদ্বেগ প্রকাশ করেছে বিভিন্ন মানবাধিকার সংগঠন। বিজিবি সতর্ক অবস্থানে রয়েছে। সীমান্তে পুশ-ইনের ঘটনায় উদ্বেগ প্রকাশ করেছে বিভিন্ন মানবাধিকার সংগঠন। বিজিবি সতর্ক অবস্থানে রয়েছে। সীমান্তে পুশ-ইনের ঘটনায় উদ্বেগ প্রকাশ করেছে বিভিন্ন মানবাধিকার সংগঠন। বিজিবি সতর্ক অবস্থানে রয়েছে। সীমান্তে পুশ-ইনের ঘটনায় উদ্বেগ প্রকাশ করেছে বিভিন্ন মানবাধিকার সংগঠন। বিজিবি সতর্ক অবস্থানে রয়েছে। সীমান্তে পুশ-ইনের ঘটনায় উদ্বেগ প্রকাশ করেছে বিভিন্ন মানবাধিকার সংগঠন। বিজিবি সতর্ক অবস্থানে রয়েছে। সীমান্তে পুশ-ইনের ঘটনায় উদ্বেগ প্রকাশ করেছে বিভিন্ন মানবাধিকার সংগঠন। বিজিবি সতর্ক অবস্থানে রয়েছে। সীমান্তে পুশ-ইনের ঘটনায় উদ্বেগ প্রকাশ করেছে বিভিন্ন মানবাধিকার সংগঠন। বিজিবি সতর্ক অবস্থানে রয়েছে। সীমান্তে পুশ-ইনের ঘটনায় উদ্বেগ প্রকাশ করেছে বিভিন্ন মানবাধিকার সংগঠন। বিজিবি সতর্ক অবস্থানে রয়েছে। সীমান্তে পুশ-ইনের ঘটনায় উদ্বেগ প্রকাশ করেছে বিভিন্ন মানবাধিকার সংগঠন। বিজিবি সতর্ক অবস্থানে রয়েছে। সীমান্তে পুশ-ইনের ঘটনায় উদ্বেগ প্রকাশ করেছে বিভিন্ন মানবাধিকার সংগঠন। বিজিবি সতর্ক অবস্থানে রয়েছে। সীমান্তে পুশ-ইনের ঘটনায় উদ্বেগ প্রকাশ করেছে বিভিন্ন মানবাধিকার সংগঠন। বিজিবি সতর্ক অবস্থানে রয়েছে। সীমান্তে পুশ-ইনের ঘটনায় উদ্বেগ প্রকাশ করেছে বিভিন্ন মানবাধিকার সংগঠন। বিজিবি সতর্ক অবস্থানে রয়েছে। সীমান্তে পুশ-ইনের ঘটনায় উদ্বেগ প্রকাশ করেছে বিভিন্ন মানবাধিকার সংগঠন। বিজিবি সতর্ক অবস্থানে রয়েছে। সীমান্তে পুশ-ইনের ঘটনায় উদ্বেগ প্রকাশ করেছে বিভিন্ন মানবাধিকার সংগঠন। বিজিবি সতর্ক অবস্থানে রয়েছে। সীমান্তে পুশ-ইনের ঘটনায় উদ্বেগ প্রকাশ করেছে বিভিন্ন মানবাধিকার সংগঠন। বিজিবি সতর্ক অবস্থানে রয়েছে। সীমান্তে পুশ-ইনের ঘটনায় উদ্বেগ প্রকাশ করেছে বিভিন্ন মানবাধিকার সংগঠন। বিজিবি সতর্ক অবস্থানে রয়েছে।

হরমুজ প্রণালী বন্ধ করে

ইরান হরমুজ প্রণালী বন্ধ করার হুমকি দিয়েছে। বিশ্ববাজারে তেলের দাম বাড়ার আশঙ্কা তৈরি হয়েছে। ইরান হরমুজ প্রণালী বন্ধ করার হুমকি দিয়েছে। বিশ্ববাজারে তেলের দাম বাড়ার আশঙ্কা তৈরি হয়েছে। ইরান হরমুজ প্রণালী বন্ধ করার হুমকি দিয়েছে। বিশ্ববাজারে তেলের দাম বাড়ার আশঙ্কা তৈরি হয়েছে। ইরান হরমুজ প্রণালী বন্ধ করার হুমকি দিয়েছে। বিশ্ববাজারে তেলের দাম বাড়ার আশঙ্কা তৈরি হয়েছে। ইরান হরমুজ প্রণালী বন্ধ করার হুমকি দিয়েছে। বিশ্ববাজারে তেলের দাম বাড়ার আশঙ্কা তৈরি হয়েছে। ইরান হরমুজ প্রণালী বন্ধ করার হুমকি দিয়েছে। বিশ্ববাজারে তেলের দাম বাড়ার আশঙ্কা তৈরি হয়েছে। ইরান হরমুজ প্রণালী বন্ধ করার হুমকি দিয়েছে। বিশ্ববাজারে তেলের দাম বাড়ার আশঙ্কা তৈরি হয়েছে। ইরান হরমুজ প্রণালী বন্ধ করার হুমকি দিয়েছে। বিশ্ববাজারে তেলের দাম বাড়ার আশঙ্কা তৈরি হয়েছে। ইরান হরমুজ প্রণালী বন্ধ করার হুমকি দিয়েছে। বিশ্ববাজারে তেলের দাম বাড়ার আশঙ্কা তৈরি হয়েছে। ইরান হরমুজ প্রণালী বন্ধ করার হুমকি দিয়েছে। বিশ্ববাজারে তেলের দাম বাড়ার আশঙ্কা তৈরি হয়েছে। ইরান হরমুজ প্রণালী বন্ধ করার হুমকি দিয়েছে। বিশ্ববাজারে তেলের দাম বাড়ার আশঙ্কা তৈরি হয়েছে। ইরান হরমুজ প্রণালী বন্ধ করার হুমকি দিয়েছে। বিশ্ববাজারে তেলের দাম বাড়ার আশঙ্কা তৈরি হয়েছে। ইরান হরমুজ প্রণালী বন্ধ করার হুমকি দিয়েছে। বিশ্ববাজারে তেলের দাম বাড়ার আশঙ্কা তৈরি হয়েছে। ইরান হরমুজ প্রণালী বন্ধ করার হুমকি দিয়েছে। বিশ্ববাজারে তেলের দাম বাড়ার আশঙ্কা তৈরি হয়েছে। ইরান হরমুজ প্রণালী বন্ধ করার হুমকি দিয়েছে। বিশ্ববাজারে তেলের দাম বাড়ার আশঙ্কা তৈরি হয়েছে।

ইরানি হামলায় এক রাতে

ইরানি হামলায় এক রাতে বহু ক্ষয়ক্ষতি হয়েছে বলে জানা গেছে। ইরানি হামলায় এক রাতে বহু ক্ষয়ক্ষতি হয়েছে বলে জানা গেছে। ইরানি হামলায় এক রাতে বহু ক্ষয়ক্ষতি হয়েছে বলে জানা গেছে। ইরানি হামলায় এক রাতে বহু ক্ষয়ক্ষতি হয়েছে বলে জানা গেছে। ইরানি হামলায় এক রাতে বহু ক্ষয়ক্ষতি হয়েছে বলে জানা গেছে।

ইসলামিক বিশ্ববিদ্যালয়ের ছাত্রছাত্রীরা তাদের ফলাফল প্রকাশের দাবি জানিয়েছেন। ইসলামিক বিশ্ববিদ্যালয়ের ছাত্রছাত্রীরা তাদের ফলাফল প্রকাশের দাবি জানিয়েছেন। ইসলামিক বিশ্ববিদ্যালয়ের ছাত্রছাত্রীরা তাদের ফলাফল প্রকাশের দাবি জানিয়েছেন। ইসলামিক বিশ্ববিদ্যালয়ের ছাত্রছাত্রীরা তাদের ফলাফল প্রকাশের দাবি জানিয়েছেন। ইসলামিক বিশ্ববিদ্যালয়ের ছাত্রছাত্রীরা তাদের ফলাফল প্রকাশের দাবি জানিয়েছেন। ইসলামিক বিশ্ববিদ্যালয়ের ছাত্রছাত্রীরা তাদের ফলাফল প্রকাশের দাবি জানিয়েছেন। ইসলামিক বিশ্ববিদ্যালয়ের ছাত্রছাত্রীরা তাদের ফলাফল প্রকাশের দাবি জানিয়েছেন। ইসলামিক বিশ্ববিদ্যালয়ের ছাত্রছাত্রীরা তাদের ফলাফল প্রকাশের দাবি জানিয়েছেন। ইসলামিক বিশ্ববিদ্যালয়ের ছাত্রছাত্রীরা তাদের ফলাফল প্রকাশের দাবি জানিয়েছেন। ইসলামিক বিশ্ববিদ্যালয়ের ছাত্রছাত্রীরা তাদের ফলাফল প্রকাশের দাবি জানিয়েছেন। ইসলামিক বিশ্ববিদ্যালয়ের ছাত্রছাত্রীরা তাদের ফলাফল প্রকাশের দাবি জানিয়েছেন। ইসলামিক বিশ্ববিদ্যালয়ের ছাত্রছাত্রীরা তাদের ফলাফল প্রকাশের দাবি জানিয়েছেন। ইসলামিক বিশ্ববিদ্যালয়ের ছাত্রছাত্রীরা তাদের ফলাফল প্রকাশের দাবি জানিয়েছেন। ইসলামিক বিশ্ববিদ্যালয়ের ছাত্রছাত্রীরা তাদের ফলাফল প্রকাশের দাবি জানিয়েছেন। ইসলামিক বিশ্ববিদ্যালয়ের ছাত্রছাত্রীরা তাদের ফলাফল প্রকাশের দাবি জানিয়েছেন। ইসলামিক বিশ্ববিদ্যালয়ের ছাত্রছাত্রীরা তাদের ফলাফল প্রকাশের দাবি জানিয়েছেন। ইসলামিক বিশ্ববিদ্যালয়ের ছাত্রছাত্রীরা তাদের ফলাফল প্রকাশের দাবি জানিয়েছেন। ইসলামিক বিশ্ববিদ্যালয়ের ছাত্রছাত্রীরা তাদের ফলাফল প্রকাশের দাবি জানিয়েছেন। ইসলামিক বিশ্ববিদ্যালয়ের ছাত্রছাত্রীরা তাদের ফলাফল প্রকাশের দাবি জানিয়েছেন। ইসলামিক বিশ্ববিদ্যালয়ের ছাত্রছাত্রীরা তাদের ফলাফল প্রকাশের দাবি জানিয়েছেন। ইসলামিক বিশ্ববিদ্যালয়ের ছাত্রছাত্রীরা তাদের ফলাফল প্রকাশের দাবি জানিয়েছেন।

সৌদি আরব থেকে

সৌদি আরব থেকে হজযাত্রীদের ফিরতি ফ্লাইট শুরু হয়েছে। এ পর্যন্ত হাজারো হাজি দেশে ফিরেছেন। সৌদি আরব থেকে হজযাত্রীদের ফিরতি ফ্লাইট শুরু হয়েছে। এ পর্যন্ত হাজারো হাজি দেশে ফিরেছেন। সৌদি আরব থেকে হজযাত্রীদের ফিরতি ফ্লাইট শুরু হয়েছে। এ পর্যন্ত হাজারো হাজি দেশে ফিরেছেন। সৌদি আরব থেকে হজযাত্রীদের ফিরতি ফ্লাইট শুরু হয়েছে। এ পর্যন্ত হাজারো হাজি দেশে ফিরেছেন। সৌদি আরব থেকে হজযাত্রীদের ফিরতি ফ্লাইট শুরু হয়েছে। এ পর্যন্ত হাজারো হাজি দেশে ফিরেছেন। সৌদি আরব থেকে হজযাত্রীদের ফিরতি ফ্লাইট শুরু হয়েছে। এ পর্যন্ত হাজারো হাজি দেশে ফিরেছেন। সৌদি আরব থেকে হজযাত্রীদের ফিরতি ফ্লাইট শুরু হয়েছে। এ পর্যন্ত হাজারো হাজি দেশে ফিরেছেন। সৌদি আরব থেকে হজযাত্রীদের ফিরতি ফ্লাইট শুরু হয়েছে। এ পর্যন্ত হাজারো হাজি দেশে ফিরেছেন। সৌদি আরব থেকে হজযাত্রীদের ফিরতি ফ্লাইট শুরু হয়েছে। এ পর্যন্ত হাজারো হাজি দেশে ফিরেছেন। সৌদি আরব থেকে হজযাত্রীদের ফিরতি ফ্লাইট শুরু হয়েছে। এ পর্যন্ত হাজারো হাজি দেশে ফিরেছেন। সৌদি আরব থেকে হজযাত্রীদের ফিরতি ফ্লাইট শুরু হয়েছে। এ পর্যন্ত হাজারো হাজি দেশে ফিরেছেন। সৌদি আরব থেকে হজযাত্রীদের ফিরতি ফ্লাইট শুরু হয়েছে। এ পর্যন্ত হাজারো হাজি দেশে ফিরেছেন। সৌদি আরব থেকে হজযাত্রীদের ফিরতি ফ্লাইট শুরু হয়েছে। এ পর্যন্ত হাজারো হাজি দেশে ফিরেছেন। সৌদি আরব থেকে হজযাত্রীদের ফিরতি ফ্লাইট শুরু হয়েছে। এ পর্যন্ত হাজারো হাজি দেশে ফিরেছেন। সৌদি আরব থেকে হজযাত্রীদের ফিরতি ফ্লাইট শুরু হয়েছে। এ পর্যন্ত হাজারো হাজি দেশে ফিরেছেন। সৌদি আরব থেকে হজযাত্রীদের ফিরতি ফ্লাইট শুরু হয়েছে। এ পর্যন্ত হাজারো হাজি দেশে ফিরেছেন।

ঈদের ছুটিতে পদ্মা ও যমুনা

ঈদের ছুটিতে পদ্মা ও যমুনা সেতুতে রেকর্ড পরিমাণ টোল আদায় হয়েছে। ঈদের ছুটিতে পদ্মা ও যমুনা সেতুতে রেকর্ড পরিমাণ টোল আদায় হয়েছে। ঈদের ছুটিতে পদ্মা ও যমুনা সেতুতে রেকর্ড পরিমাণ টোল আদায় হয়েছে। ঈদের ছুটিতে পদ্মা ও যমুনা সেতুতে রেকর্ড পরিমাণ টোল আদায় হয়েছে। ঈদের ছুটিতে পদ্মা ও যমুনা সেতুতে রেকর্ড পরিমাণ টোল আদায় হয়েছে। ঈদের ছুটিতে পদ্মা ও যমুনা সেতুতে রেকর্ড পরিমাণ টোল আদায় হয়েছে। ঈদের ছুটিতে পদ্মা ও যমুনা সেতুতে রেকর্ড পরিমাণ টোল আদায় হয়েছে।

নিউমার্কেটে কর্মজীবী নারী হোস্টেল থেকে ব্যাংক কর্মকর্তার মরদেহ উদ্ধার
নিজস্ব প্রতিবেদক

রাজধানীর নিউমার্কেট এলাকার একটি কর্মজীবী নারী হোস্টেল থেকে এক ব্যাংক কর্মকর্তার মরদেহ উদ্ধার করেছে পুলিশ। রাজধানীর নিউমার্কেট এলাকার একটি কর্মজীবী নারী হোস্টেল থেকে এক ব্যাংক কর্মকর্তার মরদেহ উদ্ধার করেছে পুলিশ। রাজধানীর নিউমার্কেট এলাকার একটি কর্মজীবী নারী হোস্টেল থেকে এক ব্যাংক কর্মকর্তার মরদেহ উদ্ধার করেছে পুলিশ। রাজধানীর নিউমার্কেট এলাকার একটি কর্মজীবী নারী হোস্টেল থেকে এক ব্যাংক কর্মকর্তার মরদেহ উদ্ধার করেছে পুলিশ। রাজধানীর নিউমার্কেট এলাকার একটি কর্মজীবী নারী হোস্টেল থেকে এক ব্যাংক কর্মকর্তার মরদেহ উদ্ধার করেছে পুলিশ। রাজধানীর নিউমার্কেট এলাকার একটি কর্মজীবী নারী হোস্টেল থেকে এক ব্যাংক কর্মকর্তার মরদেহ উদ্ধার করেছে পুলিশ। রাজধানীর নিউমার্কেট এলাকার একটি কর্মজীবী নারী হোস্টেল থেকে এক ব্যাংক কর্মকর্তার মরদেহ উদ্ধার করেছে পুলিশ। রাজধানীর নিউমার্কেট এলাকার একটি কর্মজীবী নারী হোস্টেল থেকে এক ব্যাংক কর্মকর্তার মরদেহ উদ্ধার করেছে পুলিশ। রাজধানীর নিউমার্কেট এলাকার একটি কর্মজীবী নারী হোস্টেল থেকে এক ব্যাংক কর্মকর্তার মরদেহ উদ্ধার করেছে পুলিশ। রাজধানীর নিউমার্কেট এলাকার একটি কর্মজীবী নারী হোস্টেল থেকে এক ব্যাংক কর্মকর্তার মরদেহ উদ্ধার করেছে পুলিশ। রাজধানীর নিউমার্কেট এলাকার একটি কর্মজীবী নারী হোস্টেল থেকে এক ব্যাংক কর্মকর্তার মরদেহ উদ্ধার করেছে পুলিশ। রাজধানীর নিউমার্কেট এলাকার একটি কর্মজীবী নারী হোস্টেল থেকে এক ব্যাংক কর্মকর্তার মরদেহ উদ্ধার করেছে পুলিশ। রাজধানীর নিউমার্কেট এলাকার একটি কর্মজীবী নারী হোস্টেল থেকে এক ব্যাংক কর্মকর্তার মরদেহ উদ্ধার করেছে পুলিশ। রাজধানীর নিউমার্কেট এলাকার একটি কর্মজীবী নারী হোস্টেল থেকে এক ব্যাংক কর্মকর্তার মরদেহ উদ্ধার করেছে পুলিশ। রাজধানীর নিউমার্কেট এলাকার একটি কর্মজীবী নারী হোস্টেল থেকে এক ব্যাংক কর্মকর্তার মরদেহ উদ্ধার করেছে পুলিশ।

পঞ্চগড় সীমান্তে গুলিবিদ্ধ যুবকের মৃত্যু
পঞ্চগড় সংবাদদাতা

পঞ্চগড় সীমান্তে গুলিবিদ্ধ এক যুবকের মৃত্যু হয়েছে। স্থানীয়দের মধ্যে আতঙ্ক বিরাজ করছে। পঞ্চগড় সীমান্তে গুলিবিদ্ধ এক যুবকের মৃত্যু হয়েছে। স্থানীয়দের মধ্যে আতঙ্ক বিরাজ করছে। পঞ্চগড় সীমান্তে গুলিবিদ্ধ এক যুবকের মৃত্যু হয়েছে। স্থানীয়দের মধ্যে আতঙ্ক বিরাজ করছে। পঞ্চগড় সীমান্তে গুলিবিদ্ধ এক যুবকের মৃত্যু হয়েছে। স্থানীয়দের মধ্যে আতঙ্ক বিরাজ করছে। পঞ্চগড় সীমান্তে গুলিবিদ্ধ এক যুবকের মৃত্যু হয়েছে। স্থানীয়দের মধ্যে আতঙ্ক বিরাজ করছে। পঞ্চগড় সীমান্তে গুলিবিদ্ধ এক যুবকের মৃত্যু হয়েছে। স্থানীয়দের মধ্যে আতঙ্ক বিরাজ করছে। পঞ্চগড় সীমান্তে গুলিবিদ্ধ এক যুবকের মৃত্যু হয়েছে। স্থানীয়দের মধ্যে আতঙ্ক বিরাজ করছে। পঞ্চগড় সীমান্তে গুলিবিদ্ধ এক যুবকের মৃত্যু হয়েছে। স্থানীয়দের মধ্যে আতঙ্ক বিরাজ করছে। পঞ্চগড় সীমান্তে গুলিবিদ্ধ এক যুবকের মৃত্যু হয়েছে। স্থানীয়দের মধ্যে আতঙ্ক বিরাজ করছে। পঞ্চগড় সীমান্তে গুলিবিদ্ধ এক যুবকের মৃত্যু হয়েছে। স্থানীয়দের মধ্যে আতঙ্ক বিরাজ করছে। পঞ্চগড় সীমান্তে গুলিবিদ্ধ এক যুবকের মৃত্যু হয়েছে। স্থানীয়দের মধ্যে আতঙ্ক বিরাজ করছে। পঞ্চগড় সীমান্তে গুলিবিদ্ধ এক যুবকের মৃত্যু হয়েছে। স্থানীয়দের মধ্যে আতঙ্ক বিরাজ করছে। পঞ্চগড় সীমান্তে গুলিবিদ্ধ এক যুবকের মৃত্যু হয়েছে। স্থানীয়দের মধ্যে আতঙ্ক বিরাজ করছে। পঞ্চগড় সীমান্তে গুলিবিদ্ধ এক যুবকের মৃত্যু হয়েছে। স্থানীয়দের মধ্যে আতঙ্ক বিরাজ করছে। পঞ্চগড় সীমান্তে গুলিবিদ্ধ এক যুবকের মৃত্যু হয়েছে। স্থানীয়দের মধ্যে আতঙ্ক বিরাজ করছে। পঞ্চগড় সীমান্তে গুলিবিদ্ধ এক যুবকের মৃত্যু হয়েছে। স্থানীয়দের মধ্যে আতঙ্ক বিরাজ করছে। পঞ্চগড় সীমান্তে গুলিবিদ্ধ এক যুবকের মৃত্যু হয়েছে। স্থানীয়দের মধ্যে আতঙ্ক বিরাজ করছে। পঞ্চগড় সীমান্তে গুলিবিদ্ধ এক যুবকের মৃত্যু হয়েছে। স্থানীয়দের মধ্যে আতঙ্ক বিরাজ করছে। পঞ্চগড় সীমান্তে গুলিবিদ্ধ এক যুবকের মৃত্যু হয়েছে। স্থানীয়দের মধ্যে আতঙ্ক বিরাজ করছে। পঞ্চগড় সীমান্তে গুলিবিদ্ধ এক যুবকের মৃত্যু হয়েছে। স্থানীয়দের মধ্যে আতঙ্ক বিরাজ করছে। পঞ্চগড় সীমান্তে গুলিবিদ্ধ এক যুবকের মৃত্যু হয়েছে। স্থানীয়দের মধ্যে আতঙ্ক বিরাজ করছে। পঞ্চগড় সীমান্তে গুলিবিদ্ধ এক যুবকের মৃত্যু হয়েছে। স্থানীয়দের মধ্যে আতঙ্ক বিরাজ করছে। পঞ্চগড় সীমান্তে গুলিবিদ্ধ এক যুবকের মৃত্যু হয়েছে। স্থানীয়দের মধ্যে আতঙ্ক বিরাজ করছে। পঞ্চগড় সীমান্তে গুলিবিদ্ধ এক যুবকের মৃত্যু হয়েছে। স্থানীয়দের মধ্যে আতঙ্ক বিরাজ করছে। পঞ্চগড় সীমান্তে গুলিবিদ্ধ এক যুবকের মৃত্যু হয়েছে। স্থানীয়দের মধ্যে আতঙ্ক বিরাজ করছে। পঞ্চগড় সীমান্তে গুলিবিদ্ধ এক যুবকের মৃত্যু হয়েছে। স্থানীয়দের মধ্যে আতঙ্ক বিরাজ করছে। পঞ্চগড় সীমান্তে গুলিবিদ্ধ এক যুবকের মৃত্যু হয়েছে। স্থানীয়দের মধ্যে আতঙ্ক বিরাজ করছে। পঞ্চগড় সীমান্তে গুলিবিদ্ধ এক যুবকের মৃত্যু হয়েছে। স্থানীয়দের মধ্যে আতঙ্ক বিরাজ করছে। পঞ্চগড় সীমান্তে গুলিবিদ্ধ এক যুবকের মৃত্যু হয়েছে। স্থানীয়দের মধ্যে আতঙ্ক বিরাজ করছে। পঞ্চগড় সীমান্তে গুলিবিদ্ধ এক যুবকের মৃত্যু হয়েছে। স্থানীয়দের মধ্যে আতঙ্ক বিরাজ করছে। পঞ্চগড় সীমান্তে গুলিবিদ্ধ এক যুবকের মৃত্যু হয়েছে। স্থানীয়দের মধ্যে আতঙ্ক বিরাজ করছে। পঞ্চগড় সীমান্তে গুলিবিদ্ধ এক যুবকের মৃত্যু হয়েছে। স্থানীয়দের মধ্যে আতঙ্ক বিরাজ করছে। পঞ্চগড় সীমান্তে গুলিবিদ্ধ এক যুবকের মৃত্যু হয়েছে। স্থানীয়দের মধ্যে আতঙ্ক বিরাজ করছে। পঞ্চগড় সীমান্তে গুলিবিদ্ধ এক যুবকের মৃত্যু হয়েছে। স্থানীয়দের মধ্যে আতঙ্ক বিরাজ করছে। পঞ্চগড় সীমান্তে গুলিবিদ্ধ এক যুবকের মৃত্যু হয়েছে। স্থানীয়দের মধ্যে আতঙ্ক বিরাজ করছে। পঞ্চগড় সীমান্তে গুলিবিদ্ধ এক যুবকের মৃত্যু হয়েছে। স্থানীয়দের মধ্যে আতঙ্ক বিরাজ করছে। পঞ্চগড় সীমান্তে গুলিবিদ্ধ এক যুবকের মৃত্যু হয়েছে। স্থানীয়দের মধ্যে আতঙ্ক বিরাজ করছে। পঞ্চগড় সীমান্তে গুলিবিদ্ধ এক যুবকের মৃত্যু হয়েছে। স্থানীয়দের মধ্যে আতঙ্ক বিরাজ করছে। পঞ্চগড় সীমান্তে গুলিবিদ্ধ এক যুবকের মৃত্যু হয়েছে। স্থানীয়দের মধ্যে আতঙ্ক বিরাজ করছে। পঞ্চগড় সীমান্তে গুলিবিদ্ধ এক যুবকের মৃত্যু হয়েছে। স্থানীয়দের মধ্যে আতঙ্ক বিরাজ করছে।
